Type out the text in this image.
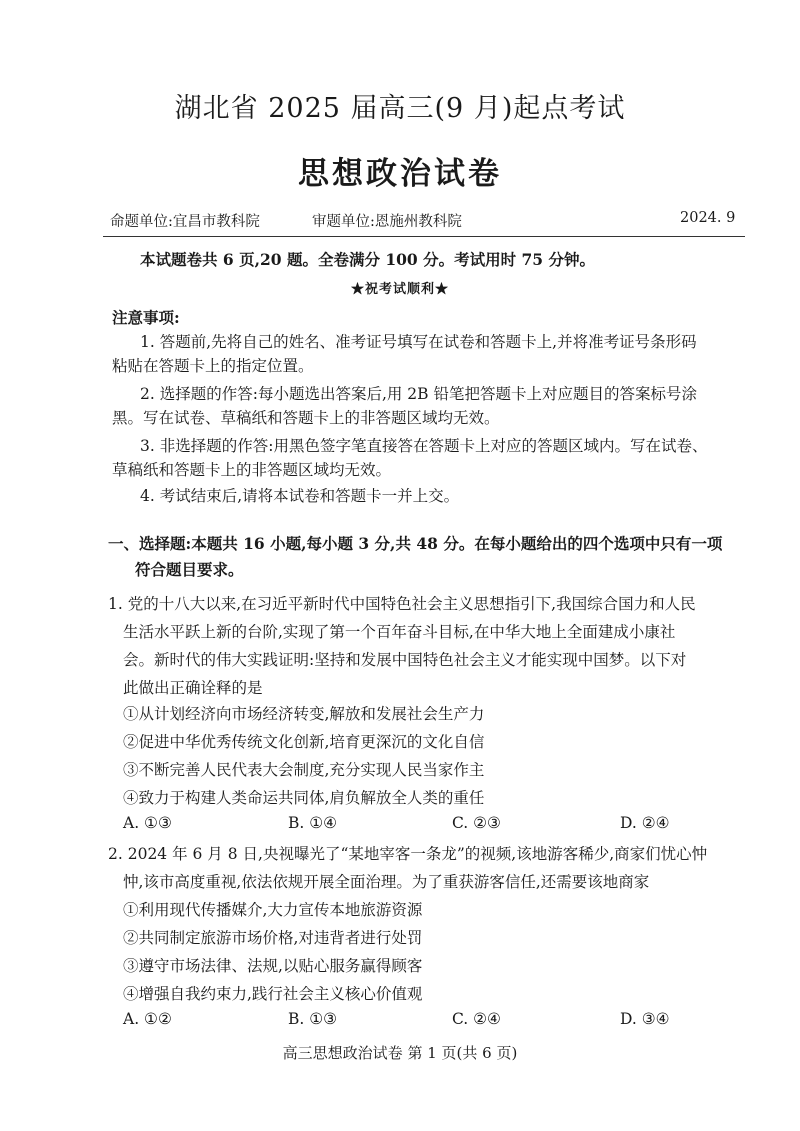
湖北省 2025 届高三(9 月)起点考试
思想政治试卷
命题单位:宜昌市教科院	审题单位:恩施州教科院	2024. 9
本试题卷共 6 页,20 题。全卷满分 100 分。考试用时 75 分钟。
★祝考试顺利★
注意事项:
1. 答题前,先将自己的姓名、准考证号填写在试卷和答题卡上,并将准考证号条形码
粘贴在答题卡上的指定位置。
2. 选择题的作答:每小题选出答案后,用 2B 铅笔把答题卡上对应题目的答案标号涂
黑。写在试卷、草稿纸和答题卡上的非答题区域均无效。
3. 非选择题的作答:用黑色签字笔直接答在答题卡上对应的答题区域内。写在试卷、
草稿纸和答题卡上的非答题区域均无效。
4. 考试结束后,请将本试卷和答题卡一并上交。
一、选择题:本题共 16 小题,每小题 3 分,共 48 分。在每小题给出的四个选项中只有一项
符合题目要求。
1. 党的十八大以来,在习近平新时代中国特色社会主义思想指引下,我国综合国力和人民
生活水平跃上新的台阶,实现了第一个百年奋斗目标,在中华大地上全面建成小康社
会。新时代的伟大实践证明:坚持和发展中国特色社会主义才能实现中国梦。以下对
此做出正确诠释的是
①从计划经济向市场经济转变,解放和发展社会生产力
②促进中华优秀传统文化创新,培育更深沉的文化自信
③不断完善人民代表大会制度,充分实现人民当家作主
④致力于构建人类命运共同体,肩负解放全人类的重任
A. ①③	B. ①④	C. ②③	D. ②④
2. 2024 年 6 月 8 日,央视曝光了“某地宰客一条龙”的视频,该地游客稀少,商家们忧心忡
忡,该市高度重视,依法依规开展全面治理。为了重获游客信任,还需要该地商家
①利用现代传播媒介,大力宣传本地旅游资源
②共同制定旅游市场价格,对违背者进行处罚
③遵守市场法律、法规,以贴心服务赢得顾客
④增强自我约束力,践行社会主义核心价值观
A. ①②	B. ①③	C. ②④	D. ③④
高三思想政治试卷 第 1 页(共 6 页)
